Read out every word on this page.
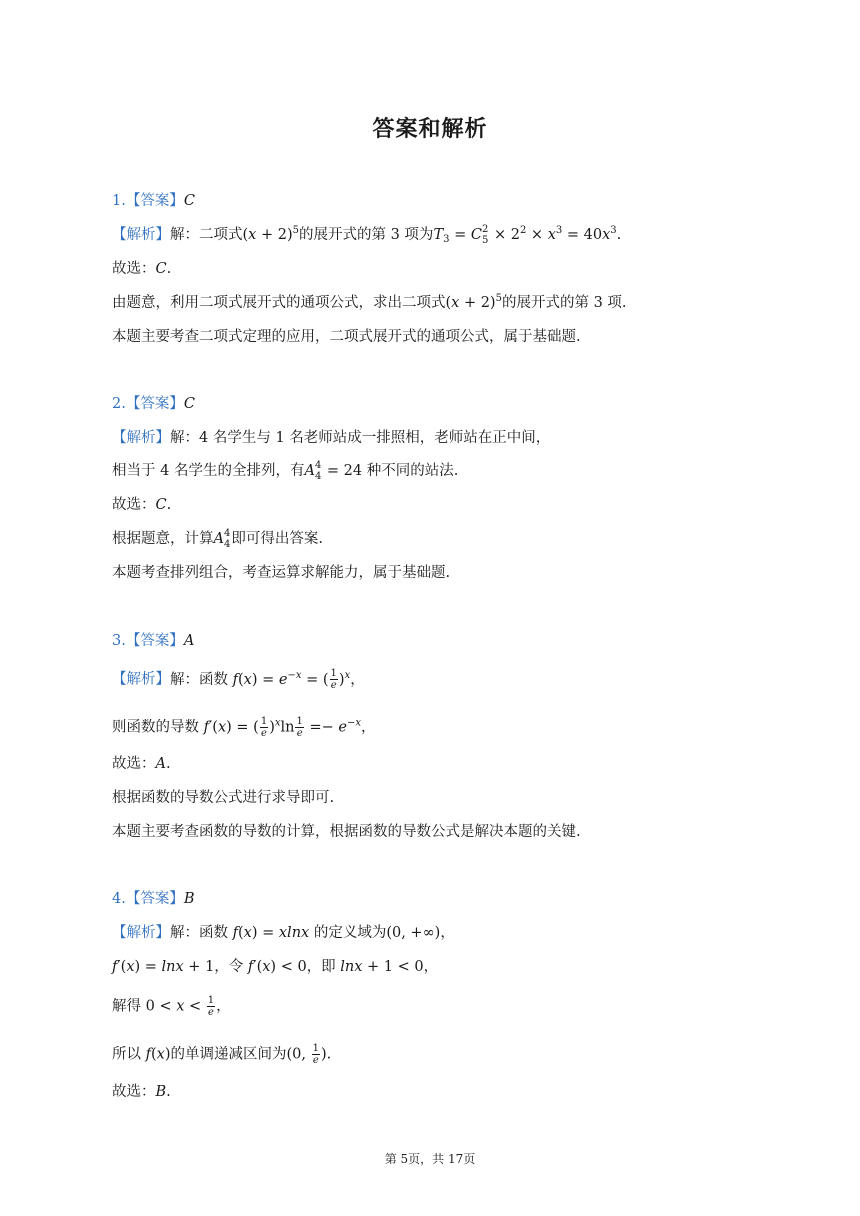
答案和解析
1.【答案】C
【解析】解：二项式$(x + 2)^5$的展开式的第 3 项为$T_3 = C$ 2
$5 \times 2^2 \times x^3 = 40x^3$.
故选：C.
由题意，利用二项式展开式的通项公式，求出二项式$(x + 2)^5$的展开式的第 3 项.
本题主要考查二项式定理的应用，二项式展开式的通项公式，属于基础题.
2.【答案】C
【解析】解：4 名学生与 1 名老师站成一排照相，老师站在正中间，
相当于 4 名学生的全排列，有A 4
4 = 24 种不同的站法.
故选：C.
根据题意，计算A 4
4 即可得出答案.
本题考查排列组合，考查运算求解能力，属于基础题.
3.【答案】A
【解析】解：函数 $f(x) = e^{-x}$ = ( $\frac{1}{e} )^x$，
则函数的导数 f′(x) = ( $\frac{1}{e} )^x\ln \frac{1}{e} =- e^{-x}$，
故选：A.
根据函数的导数公式进行求导即可.
本题主要考查函数的导数的计算，根据函数的导数公式是解决本题的关键.
4.【答案】B
【解析】解：函数 f(x) = xlnx 的定义域为(0, +∞)，
f′(x) = lnx + 1，令 f′(x) < 0，即 lnx + 1 < 0，
解得 $0 < x < \frac{1}{e}$ ，
所以 f(x)的单调递减区间为(0, $\frac{1}{e}$ ).
故选：B.
第 5页，共 17页
